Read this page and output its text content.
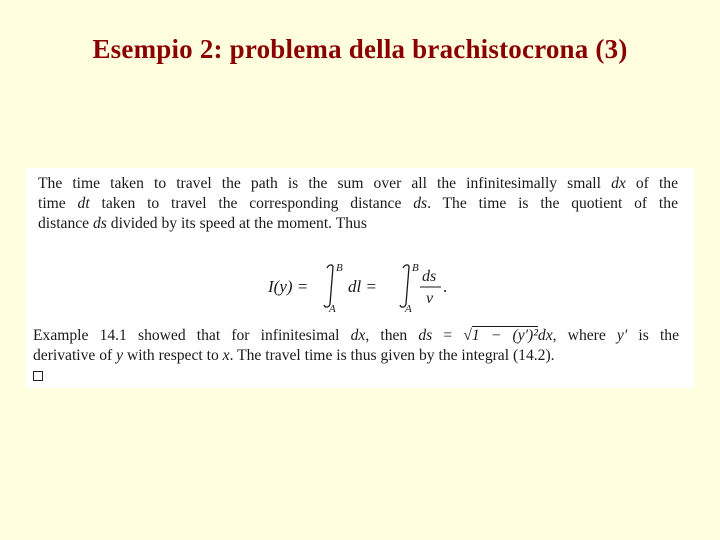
Esempio 2: problema della brachistocrona (3)
The time taken to travel the path is the sum over all the infinitesimally small dx of the
time dt taken to travel the corresponding distance ds. The time is the quotient of the
distance ds divided by its speed at the moment. Thus
I(y) =
B
A
dl =
B
A
ds
v
.
Example 14.1 showed that for infinitesimal dx, then ds = √1 − (y′)²dx, where y′ is the
derivative of y with respect to x. The travel time is thus given by the integral (14.2).
